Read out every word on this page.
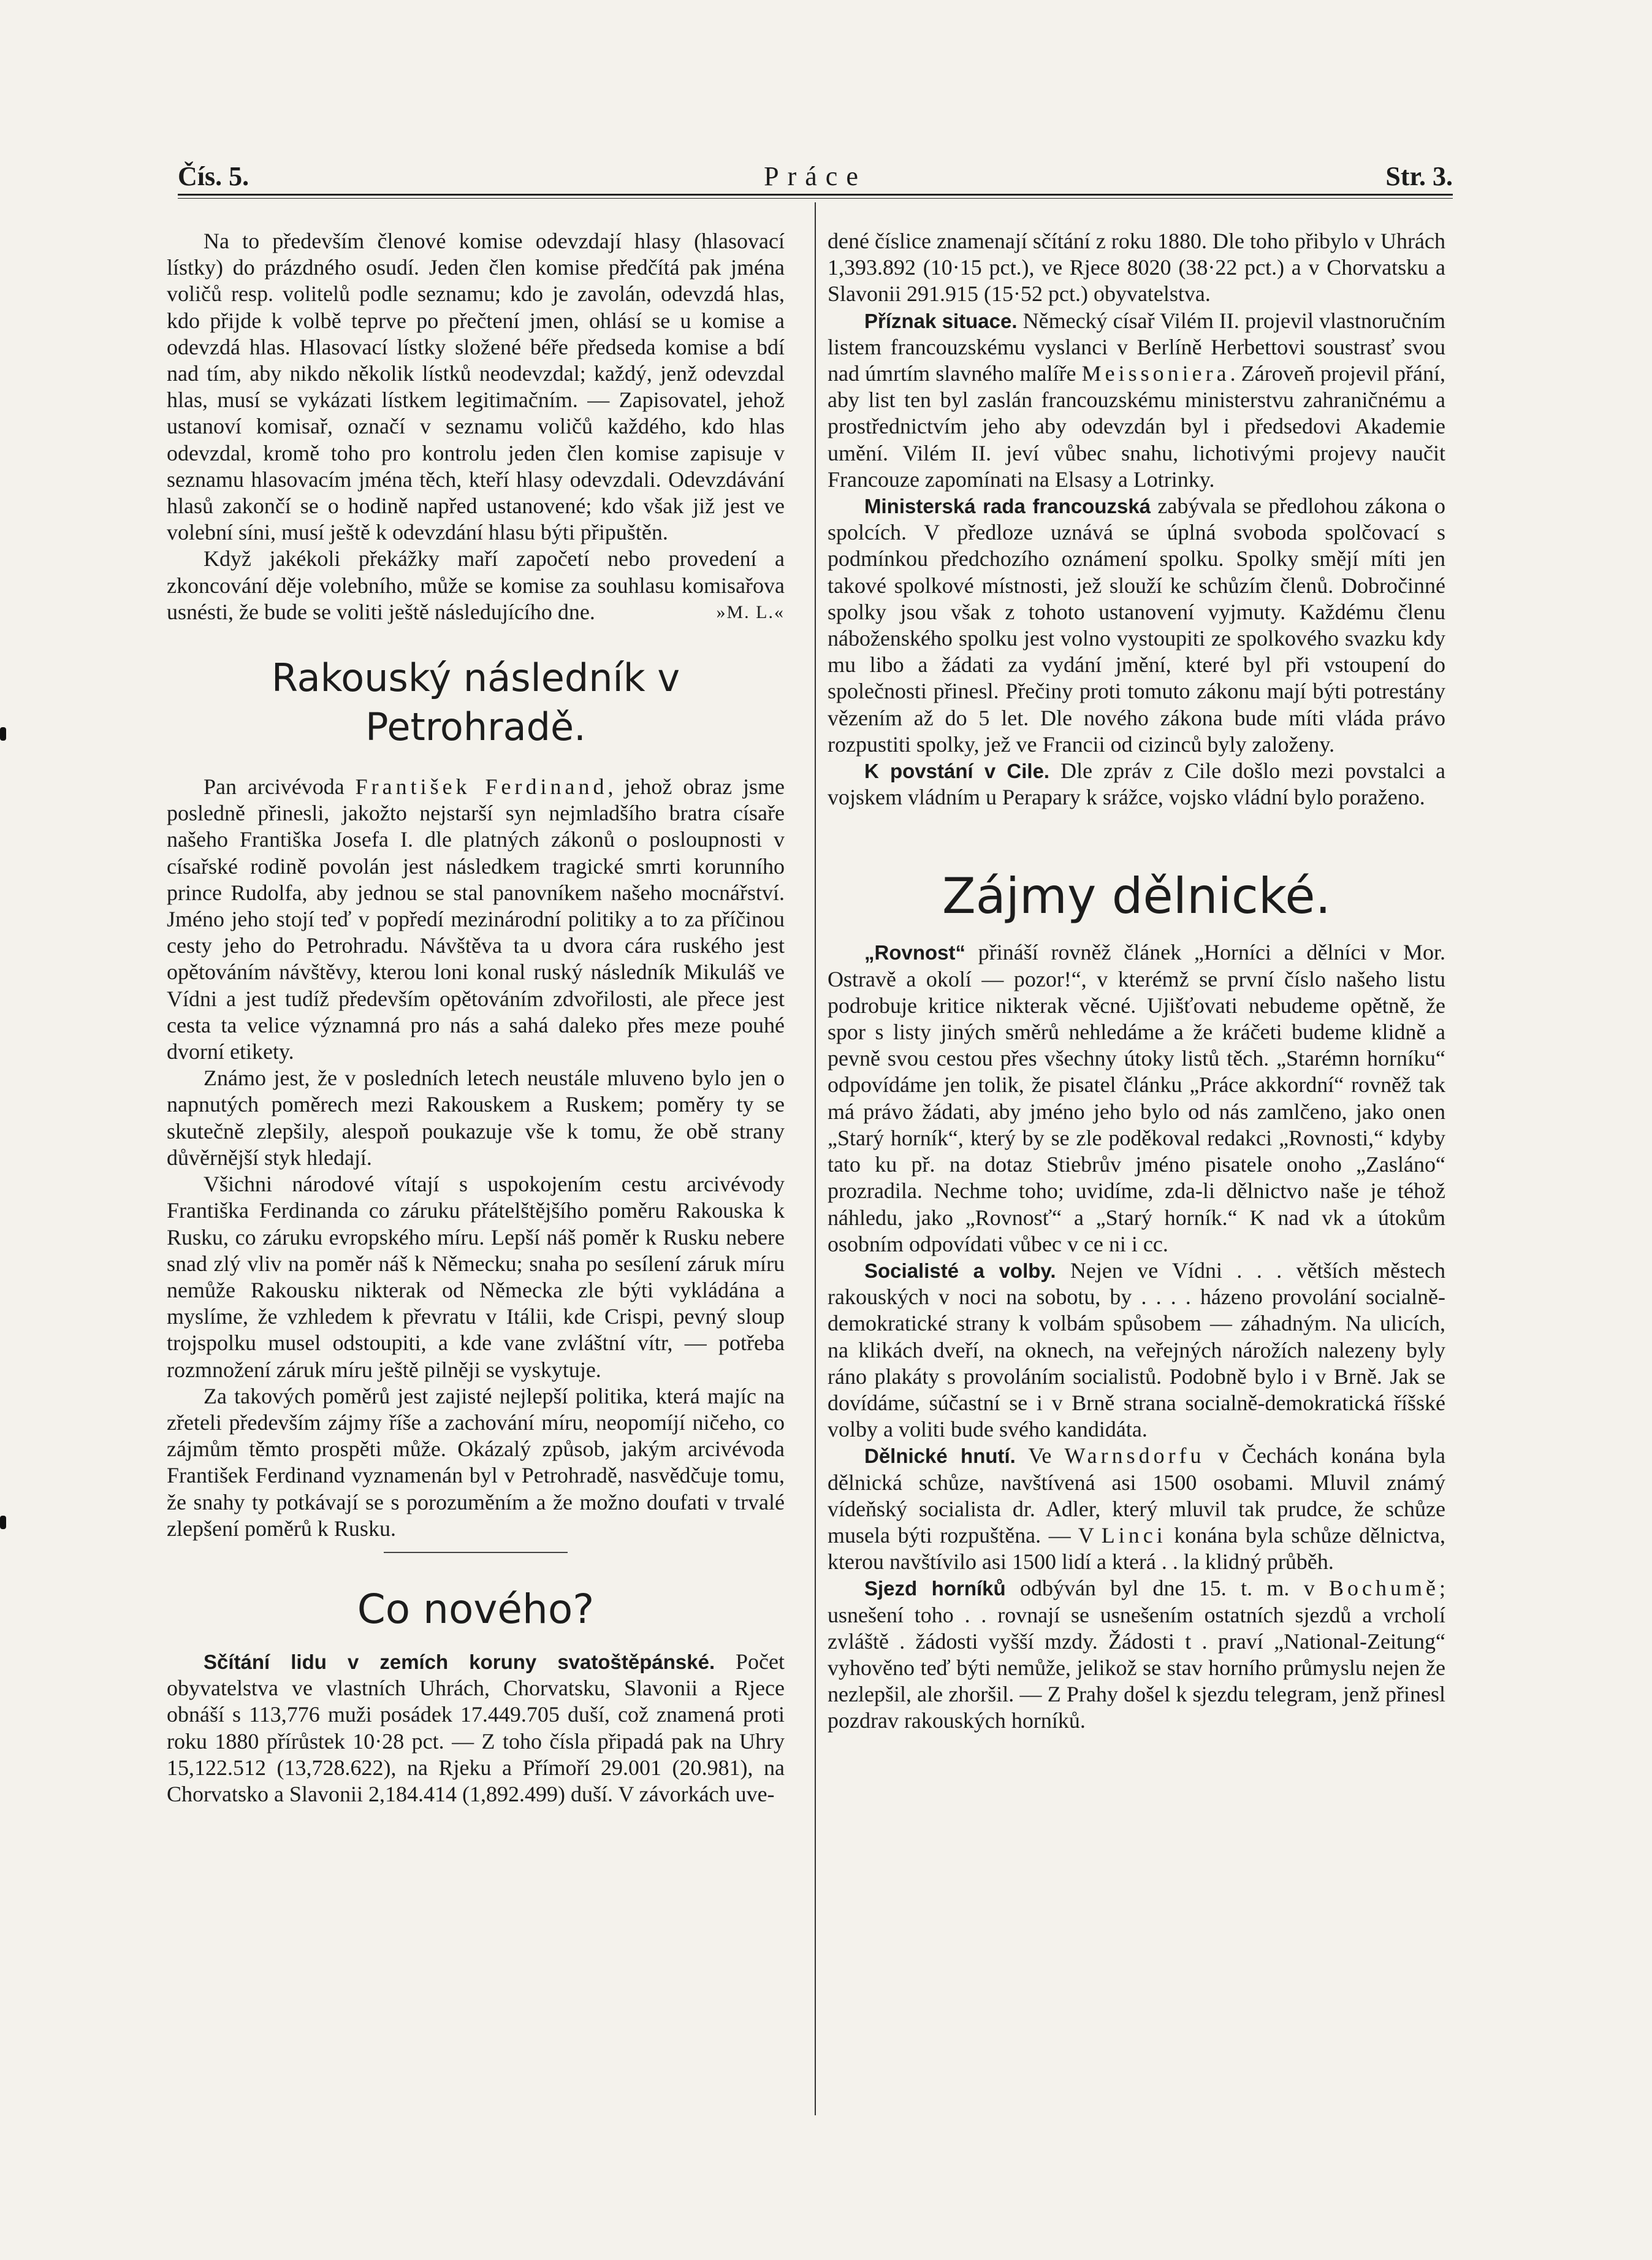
Čís. 5.	Práce	Str. 3.

Na to především členové komise odevzdají hlasy (hlasovací lístky) do prázdného osudí. Jeden člen komise předčítá pak jména voličů resp. volitelů podle seznamu; kdo je zavolán, odevzdá hlas, kdo přijde k volbě teprve po přečtení jmen, ohlásí se u komise a odevzdá hlas. Hlasovací lístky složené béře předseda komise a bdí nad tím, aby nikdo několik lístků neodevzdal; každý, jenž odevzdal hlas, musí se vykázati lístkem legitimačním. — Zapisovatel, jehož ustanoví komisař, označí v seznamu voličů každého, kdo hlas odevzdal, kromě toho pro kontrolu jeden člen komise zapisuje v seznamu hlasovacím jména těch, kteří hlasy odevzdali. Odevzdávání hlasů zakončí se o hodině napřed ustanovené; kdo však již jest ve volební síni, musí ještě k odevzdání hlasu býti připuštěn.

Když jakékoli překážky maří započetí nebo provedení a zkoncování děje volebního, může se komise za souhlasu komisařova usnésti, že bude se voliti ještě následujícího dne.	»M. L.«

Rakouský následník v Petrohradě.

Pan arcivévoda František Ferdinand, jehož obraz jsme posledně přinesli, jakožto nejstarší syn nejmladšího bratra císaře našeho Františka Josefa I. dle platných zákonů o posloupnosti v císařské rodině povolán jest následkem tragické smrti korunního prince Rudolfa, aby jednou se stal panovníkem našeho mocnářství. Jméno jeho stojí teď v popředí mezinárodní politiky a to za příčinou cesty jeho do Petrohradu. Návštěva ta u dvora cára ruského jest opětováním návštěvy, kterou loni konal ruský následník Mikuláš ve Vídni a jest tudíž především opětováním zdvořilosti, ale přece jest cesta ta velice významná pro nás a sahá daleko přes meze pouhé dvorní etikety.

Známo jest, že v posledních letech neustále mluveno bylo jen o napnutých poměrech mezi Rakouskem a Ruskem; poměry ty se skutečně zlepšily, alespoň poukazuje vše k tomu, že obě strany důvěrnější styk hledají.

Všichni národové vítají s uspokojením cestu arcivévody Františka Ferdinanda co záruku přátelštějšího poměru Rakouska k Rusku, co záruku evropského míru. Lepší náš poměr k Rusku nebere snad zlý vliv na poměr náš k Německu; snaha po sesílení záruk míru nemůže Rakousku nikterak od Německa zle býti vykládána a myslíme, že vzhledem k převratu v Itálii, kde Crispi, pevný sloup trojspolku musel odstoupiti, a kde vane zvláštní vítr, — potřeba rozmnožení záruk míru ještě pilněji se vyskytuje.

Za takových poměrů jest zajisté nejlepší politika, která majíc na zřeteli především zájmy říše a zachování míru, neopomíjí ničeho, co zájmům těmto prospěti může. Okázalý způsob, jakým arcivévoda František Ferdinand vyznamenán byl v Petrohradě, nasvědčuje tomu, že snahy ty potkávají se s porozuměním a že možno doufati v trvalé zlepšení poměrů k Rusku.

Co nového?

Sčítání lidu v zemích koruny svatoštěpánské. Počet obyvatelstva ve vlastních Uhrách, Chorvatsku, Slavonii a Rjece obnáší s 113,776 muži posádek 17.449.705 duší, což znamená proti roku 1880 přírůstek 10·28 pct. — Z toho čísla připadá pak na Uhry 15,122.512 (13,728.622), na Rjeku a Přímoří 29.001 (20.981), na Chorvatsko a Slavonii 2,184.414 (1,892.499) duší. V závorkách uve-

dené číslice znamenají sčítání z roku 1880. Dle toho přibylo v Uhrách 1,393.892 (10·15 pct.), ve Rjece 8020 (38·22 pct.) a v Chorvatsku a Slavonii 291.915 (15·52 pct.) obyvatelstva.

Příznak situace. Německý císař Vilém II. projevil vlastnoručním listem francouzskému vyslanci v Berlíně Herbettovi soustrasť svou nad úmrtím slavného malíře Meissoniera. Zároveň projevil přání, aby list ten byl zaslán francouzskému ministerstvu zahraničnému a prostřednictvím jeho aby odevzdán byl i předsedovi Akademie umění. Vilém II. jeví vůbec snahu, lichotivými projevy naučit Francouze zapomínati na Elsasy a Lotrinky.

Ministerská rada francouzská zabývala se předlohou zákona o spolcích. V předloze uznává se úplná svoboda spolčovací s podmínkou předchozího oznámení spolku. Spolky smějí míti jen takové spolkové místnosti, jež slouží ke schůzím členů. Dobročinné spolky jsou však z tohoto ustanovení vyjmuty. Každému členu náboženského spolku jest volno vystoupiti ze spolkového svazku kdy mu libo a žádati za vydání jmění, které byl při vstoupení do společnosti přinesl. Přečiny proti tomuto zákonu mají býti potrestány vězením až do 5 let. Dle nového zákona bude míti vláda právo rozpustiti spolky, jež ve Francii od cizinců byly založeny.

K povstání v Cile. Dle zpráv z Cile došlo mezi povstalci a vojskem vládním u Perapary k srážce, vojsko vládní bylo poraženo.

Zájmy dělnické.

„Rovnost“ přináší rovněž článek „Horníci a dělníci v Mor. Ostravě a okolí — pozor!“, v kterémž se první číslo našeho listu podrobuje kritice nikterak věcné. Ujišťovati nebudeme opětně, že spor s listy jiných směrů nehledáme a že kráčeti budeme klidně a pevně svou cestou přes všechny útoky listů těch. „Starémn horníku“ odpovídáme jen tolik, že pisatel článku „Práce akkordní“ rovněž tak má právo žádati, aby jméno jeho bylo od nás zamlčeno, jako onen „Starý horník“, který by se zle poděkoval redakci „Rovnosti,“ kdyby tato ku př. na dotaz Stiebrův jméno pisatele onoho „Zasláno“ prozradila. Nechme toho; uvidíme, zda-li dělnictvo naše je téhož náhledu, jako „Rovnosť“ a „Starý horník.“ K nad vk a útokům osobním odpovídati vůbec v ce ni i cc.

Socialisté a volby. Nejen ve Vídni . . . větších městech rakouských v noci na sobotu, by . . . . házeno provolání socialně-demokratické strany k volbám spůsobem — záhadným. Na ulicích, na klikách dveří, na oknech, na veřejných nárožích nalezeny byly ráno plakáty s provoláním socialistů. Podobně bylo i v Brně. Jak se dovídáme, súčastní se i v Brně strana socialně-demokratická říšské volby a voliti bude svého kandidáta.

Dělnické hnutí. Ve Warnsdorfu v Čechách konána byla dělnická schůze, navštívená asi 1500 osobami. Mluvil známý vídeňský socialista dr. Adler, který mluvil tak prudce, že schůze musela býti rozpuštěna. — V Linci konána byla schůze dělnictva, kterou navštívilo asi 1500 lidí a která . . la klidný průběh.

Sjezd horníků odbýván byl dne 15. t. m. v Bochumě; usnešení toho . . rovnají se usnešením ostatních sjezdů a vrcholí zvláště . žádosti vyšší mzdy. Žádosti t . praví „National-Zeitung“ vyhověno teď býti nemůže, jelikož se stav horního průmyslu nejen že nezlepšil, ale zhoršil. — Z Prahy došel k sjezdu telegram, jenž přinesl pozdrav rakouských horníků.
